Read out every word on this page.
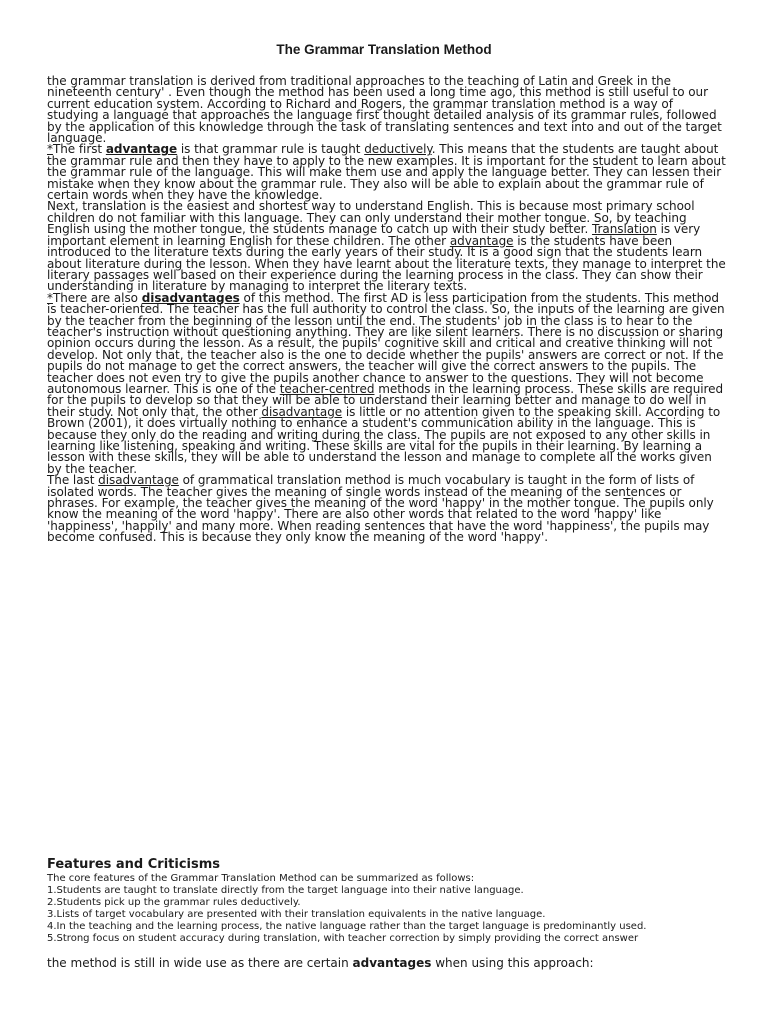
The Grammar Translation Method

the grammar translation is derived from traditional approaches to the teaching of Latin and Greek in the nineteenth century' . Even though the method has been used a long time ago, this method is still useful to our current education system. According to Richard and Rogers, the grammar translation method is a way of studying a language that approaches the language first thought detailed analysis of its grammar rules, followed by the application of this knowledge through the task of translating sentences and text into and out of the target language.

*The first advantage is that grammar rule is taught deductively. This means that the students are taught about the grammar rule and then they have to apply to the new examples. It is important for the student to learn about the grammar rule of the language. This will make them use and apply the language better. They can lessen their mistake when they know about the grammar rule. They also will be able to explain about the grammar rule of certain words when they have the knowledge.

Next, translation is the easiest and shortest way to understand English. This is because most primary school children do not familiar with this language. They can only understand their mother tongue. So, by teaching English using the mother tongue, the students manage to catch up with their study better. Translation is very important element in learning English for these children. The other advantage is the students have been introduced to the literature texts during the early years of their study. It is a good sign that the students learn about literature during the lesson. When they have learnt about the literature texts, they manage to interpret the literary passages well based on their experience during the learning process in the class. They can show their understanding in literature by managing to interpret the literary texts.

*There are also disadvantages of this method. The first AD is less participation from the students. This method is teacher-oriented. The teacher has the full authority to control the class. So, the inputs of the learning are given by the teacher from the beginning of the lesson until the end. The students' job in the class is to hear to the teacher's instruction without questioning anything. They are like silent learners. There is no discussion or sharing opinion occurs during the lesson. As a result, the pupils' cognitive skill and critical and creative thinking will not develop. Not only that, the teacher also is the one to decide whether the pupils' answers are correct or not. If the pupils do not manage to get the correct answers, the teacher will give the correct answers to the pupils. The teacher does not even try to give the pupils another chance to answer to the questions. They will not become autonomous learner. This is one of the teacher-centred methods in the learning process. These skills are required for the pupils to develop so that they will be able to understand their learning better and manage to do well in their study. Not only that, the other disadvantage is little or no attention given to the speaking skill. According to Brown (2001), it does virtually nothing to enhance a student's communication ability in the language. This is because they only do the reading and writing during the class. The pupils are not exposed to any other skills in learning like listening, speaking and writing. These skills are vital for the pupils in their learning. By learning a lesson with these skills, they will be able to understand the lesson and manage to complete all the works given by the teacher.

The last disadvantage of grammatical translation method is much vocabulary is taught in the form of lists of isolated words. The teacher gives the meaning of single words instead of the meaning of the sentences or phrases. For example, the teacher gives the meaning of the word 'happy' in the mother tongue. The pupils only know the meaning of the word 'happy'. There are also other words that related to the word 'happy' like 'happiness', 'happily' and many more. When reading sentences that have the word 'happiness', the pupils may become confused. This is because they only know the meaning of the word 'happy'.

Features and Criticisms
The core features of the Grammar Translation Method can be summarized as follows:
1.Students are taught to translate directly from the target language into their native language.
2.Students pick up the grammar rules deductively.
3.Lists of target vocabulary are presented with their translation equivalents in the native language.
4.In the teaching and the learning process, the native language rather than the target language is predominantly used.
5.Strong focus on student accuracy during translation, with teacher correction by simply providing the correct answer
the method is still in wide use as there are certain advantages when using this approach:
